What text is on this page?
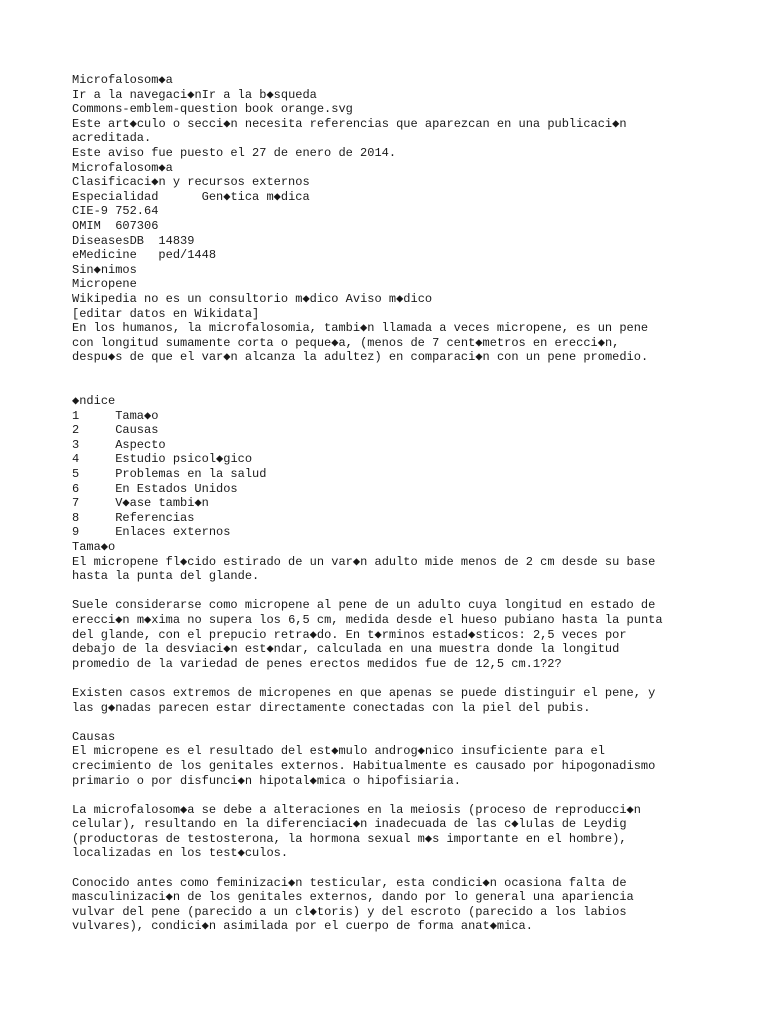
Microfalosom◆a
Ir a la navegaci◆nIr a la b◆squeda
Commons-emblem-question book orange.svg
Este art◆culo o secci◆n necesita referencias que aparezcan en una publicaci◆n
acreditada.
Este aviso fue puesto el 27 de enero de 2014.
Microfalosom◆a
Clasificaci◆n y recursos externos
Especialidad      Gen◆tica m◆dica
CIE-9 752.64
OMIM  607306
DiseasesDB  14839
eMedicine   ped/1448
Sin◆nimos
Micropene
Wikipedia no es un consultorio m◆dico Aviso m◆dico
[editar datos en Wikidata]
En los humanos, la microfalosomia, tambi◆n llamada a veces micropene, es un pene
con longitud sumamente corta o peque◆a, (menos de 7 cent◆metros en erecci◆n,
despu◆s de que el var◆n alcanza la adultez) en comparaci◆n con un pene promedio.
◆ndice
1     Tama◆o
2     Causas
3     Aspecto
4     Estudio psicol◆gico
5     Problemas en la salud
6     En Estados Unidos
7     V◆ase tambi◆n
8     Referencias
9     Enlaces externos
Tama◆o
El micropene fl◆cido estirado de un var◆n adulto mide menos de 2 cm desde su base
hasta la punta del glande.
Suele considerarse como micropene al pene de un adulto cuya longitud en estado de
erecci◆n m◆xima no supera los 6,5 cm, medida desde el hueso pubiano hasta la punta
del glande, con el prepucio retra◆do. En t◆rminos estad◆sticos: 2,5 veces por
debajo de la desviaci◆n est◆ndar, calculada en una muestra donde la longitud
promedio de la variedad de penes erectos medidos fue de 12,5 cm.1?2?
Existen casos extremos de micropenes en que apenas se puede distinguir el pene, y
las g◆nadas parecen estar directamente conectadas con la piel del pubis.
Causas
El micropene es el resultado del est◆mulo androg◆nico insuficiente para el
crecimiento de los genitales externos. Habitualmente es causado por hipogonadismo
primario o por disfunci◆n hipotal◆mica o hipofisiaria.
La microfalosom◆a se debe a alteraciones en la meiosis (proceso de reproducci◆n
celular), resultando en la diferenciaci◆n inadecuada de las c◆lulas de Leydig
(productoras de testosterona, la hormona sexual m◆s importante en el hombre),
localizadas en los test◆culos.
Conocido antes como feminizaci◆n testicular, esta condici◆n ocasiona falta de
masculinizaci◆n de los genitales externos, dando por lo general una apariencia
vulvar del pene (parecido a un cl◆toris) y del escroto (parecido a los labios
vulvares), condici◆n asimilada por el cuerpo de forma anat◆mica.
